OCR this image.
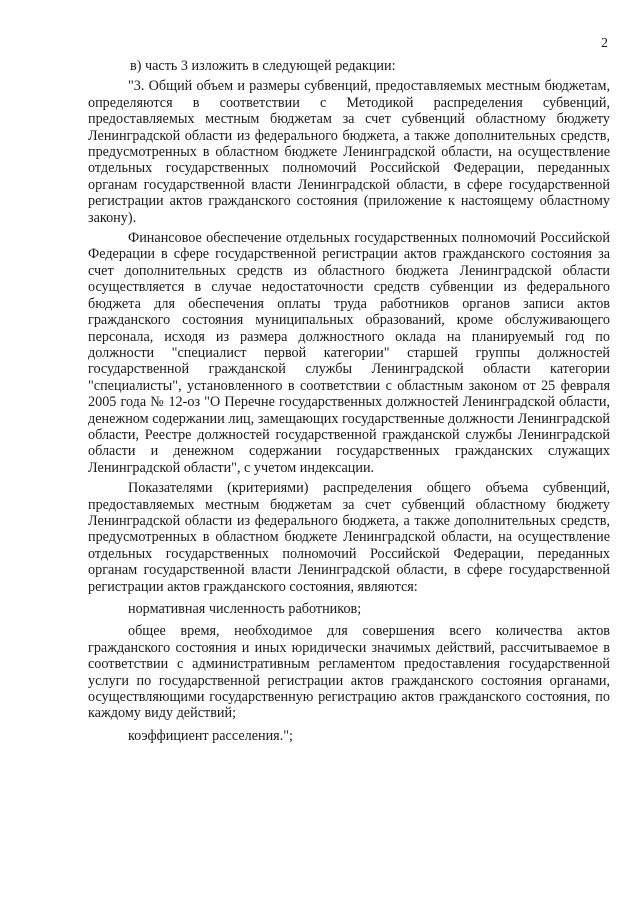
2

в) часть 3 изложить в следующей редакции:

"3. Общий объем и размеры субвенций, предоставляемых местным бюджетам, определяются в соответствии с Методикой распределения субвенций, предоставляемых местным бюджетам за счет субвенций областному бюджету Ленинградской области из федерального бюджета, а также дополнительных средств, предусмотренных в областном бюджете Ленинградской области, на осуществление отдельных государственных полномочий Российской Федерации, переданных органам государственной власти Ленинградской области, в сфере государственной регистрации актов гражданского состояния (приложение к настоящему областному закону).

Финансовое обеспечение отдельных государственных полномочий Российской Федерации в сфере государственной регистрации актов гражданского состояния за счет дополнительных средств из областного бюджета Ленинградской области осуществляется в случае недостаточности средств субвенции из федерального бюджета для обеспечения оплаты труда работников органов записи актов гражданского состояния муниципальных образований, кроме обслуживающего персонала, исходя из размера должностного оклада на планируемый год по должности "специалист первой категории" старшей группы должностей государственной гражданской службы Ленинградской области категории "специалисты", установленного в соответствии с областным законом от 25 февраля 2005 года № 12-оз "О Перечне государственных должностей Ленинградской области, денежном содержании лиц, замещающих государственные должности Ленинградской области, Реестре должностей государственной гражданской службы Ленинградской области и денежном содержании государственных гражданских служащих Ленинградской области", с учетом индексации.

Показателями (критериями) распределения общего объема субвенций, предоставляемых местным бюджетам за счет субвенций областному бюджету Ленинградской области из федерального бюджета, а также дополнительных средств, предусмотренных в областном бюджете Ленинградской области, на осуществление отдельных государственных полномочий Российской Федерации, переданных органам государственной власти Ленинградской области, в сфере государственной регистрации актов гражданского состояния, являются:

нормативная численность работников;

общее время, необходимое для совершения всего количества актов гражданского состояния и иных юридически значимых действий, рассчитываемое в соответствии с административным регламентом предоставления государственной услуги по государственной регистрации актов гражданского состояния органами, осуществляющими государственную регистрацию актов гражданского состояния, по каждому виду действий;

коэффициент расселения.";
